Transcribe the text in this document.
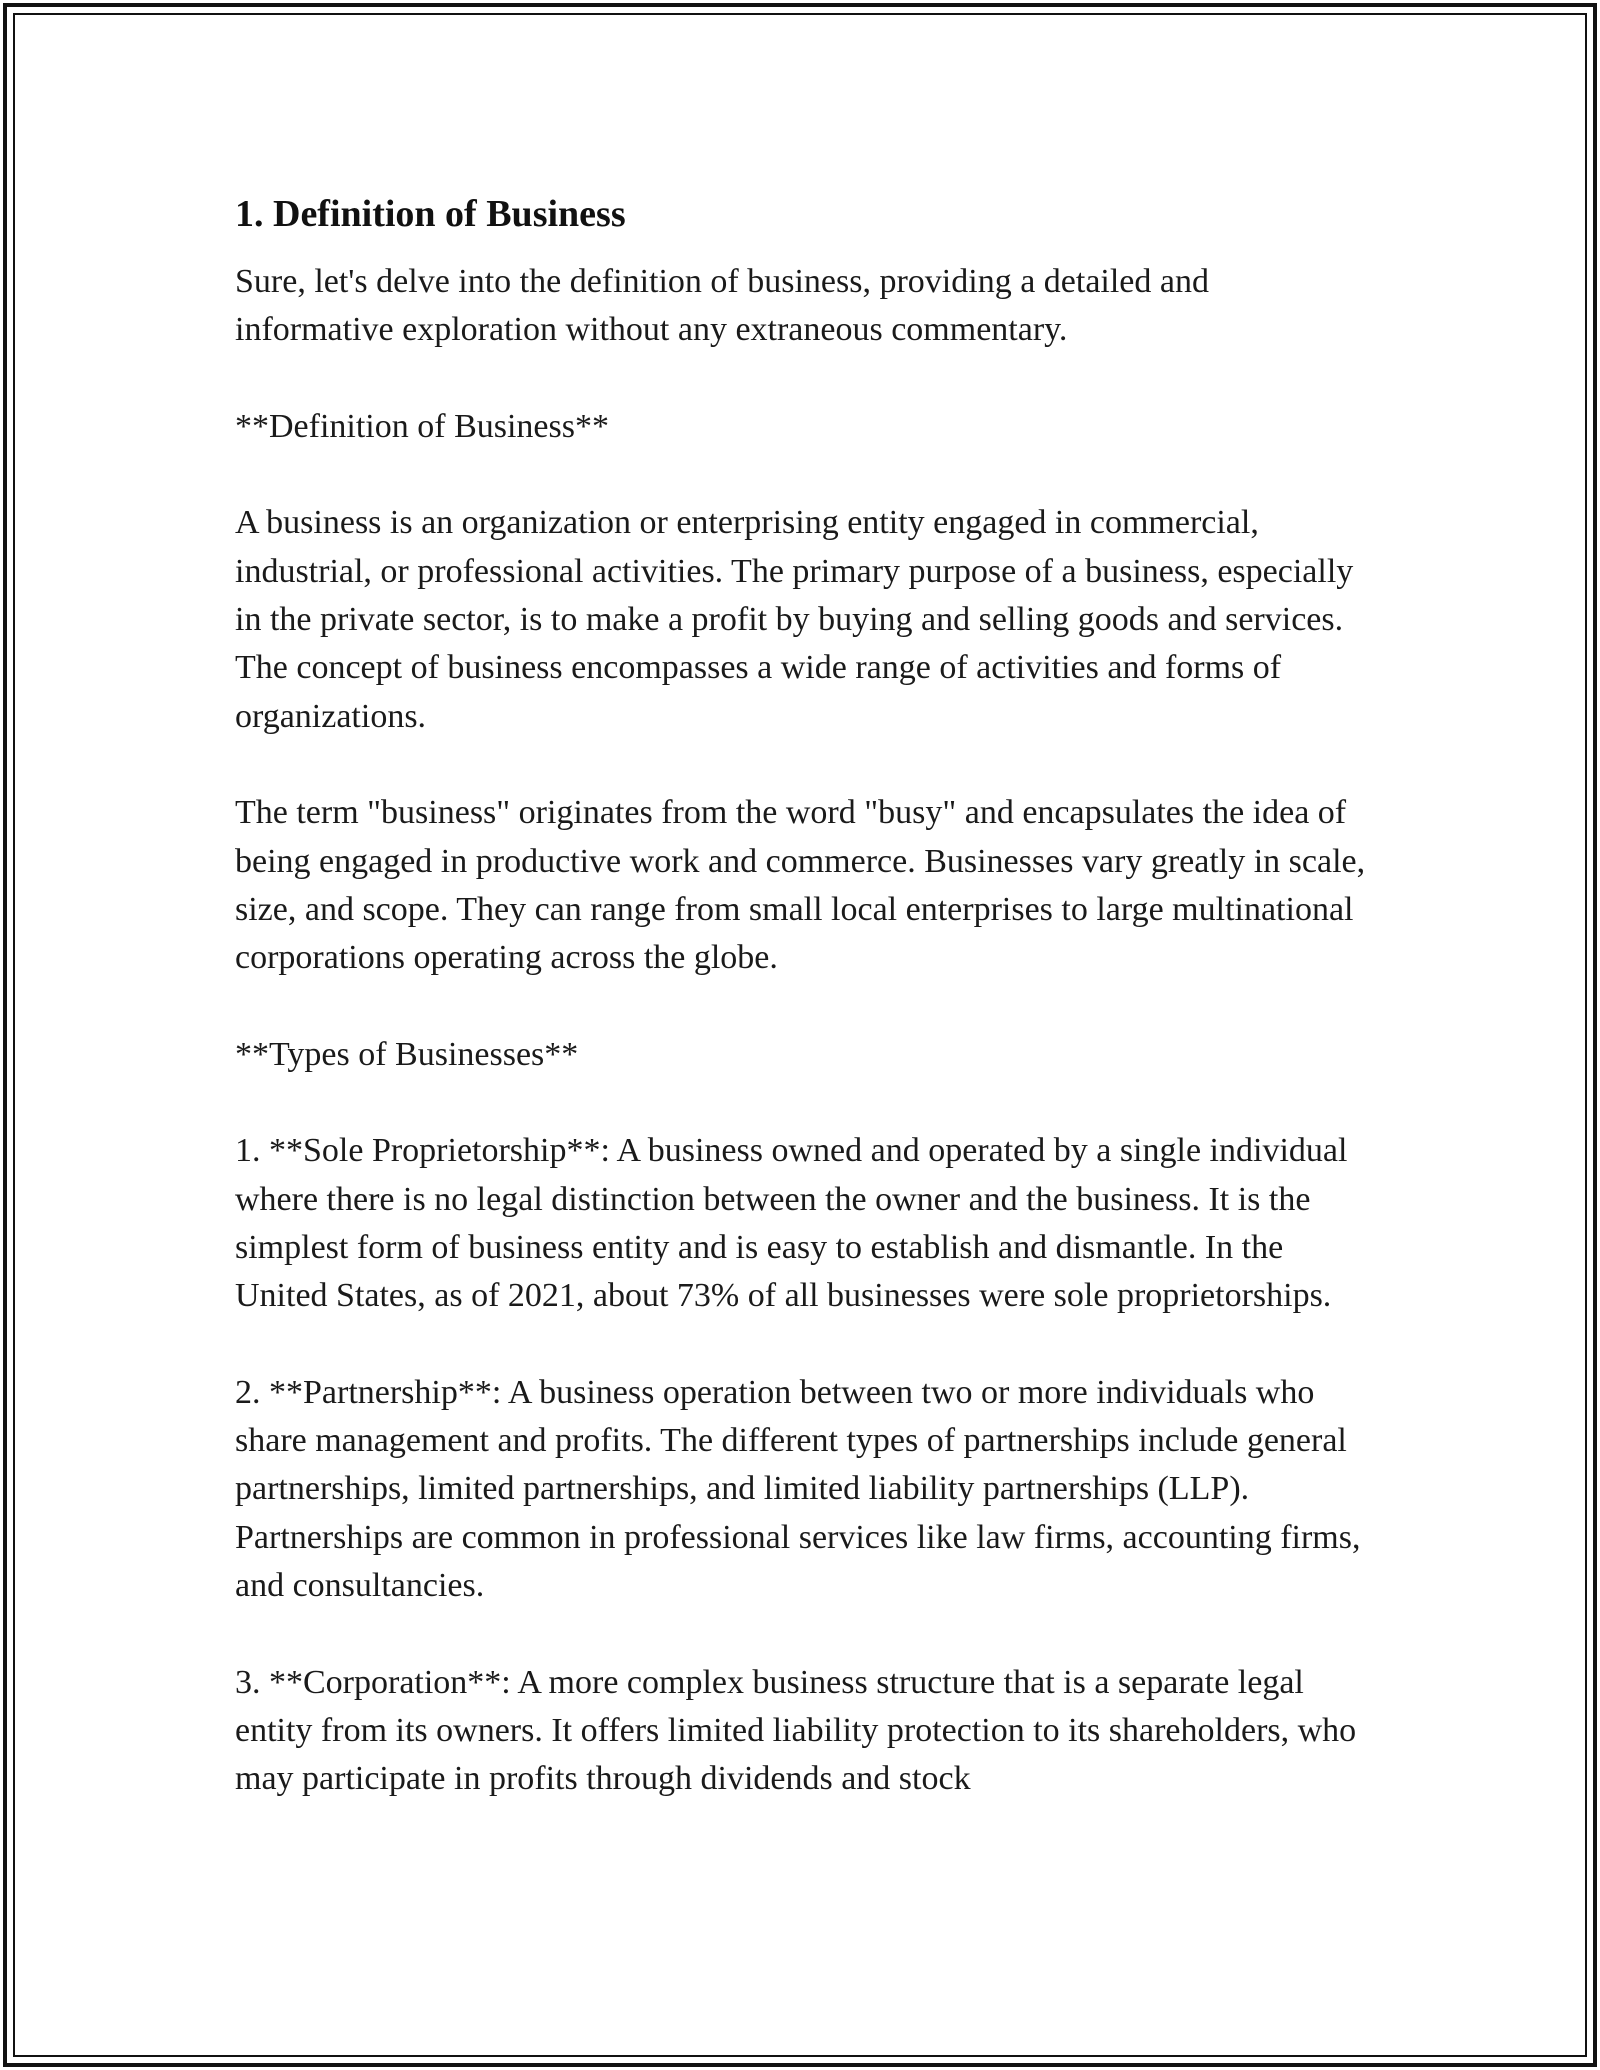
1. Definition of Business

Sure, let's delve into the definition of business, providing a detailed and informative exploration without any extraneous commentary.

**Definition of Business**

A business is an organization or enterprising entity engaged in commercial, industrial, or professional activities. The primary purpose of a business, especially in the private sector, is to make a profit by buying and selling goods and services. The concept of business encompasses a wide range of activities and forms of organizations.

The term "business" originates from the word "busy" and encapsulates the idea of being engaged in productive work and commerce. Businesses vary greatly in scale, size, and scope. They can range from small local enterprises to large multinational corporations operating across the globe.

**Types of Businesses**

1. **Sole Proprietorship**: A business owned and operated by a single individual where there is no legal distinction between the owner and the business. It is the simplest form of business entity and is easy to establish and dismantle. In the United States, as of 2021, about 73% of all businesses were sole proprietorships.

2. **Partnership**: A business operation between two or more individuals who share management and profits. The different types of partnerships include general partnerships, limited partnerships, and limited liability partnerships (LLP). Partnerships are common in professional services like law firms, accounting firms, and consultancies.

3. **Corporation**: A more complex business structure that is a separate legal entity from its owners. It offers limited liability protection to its shareholders, who may participate in profits through dividends and stock
